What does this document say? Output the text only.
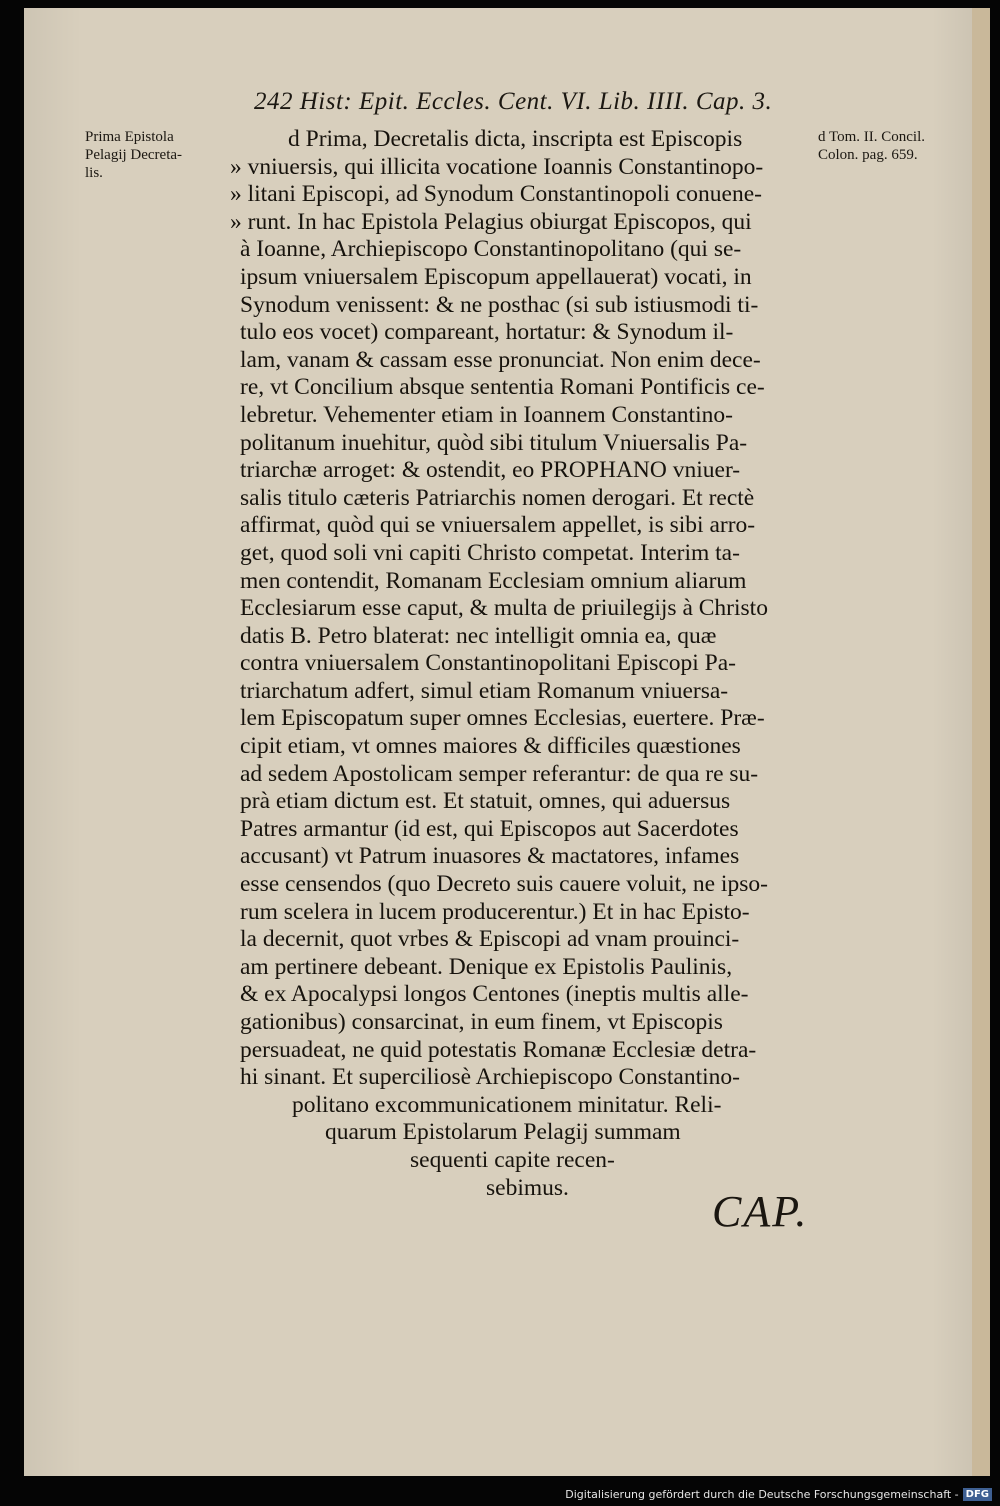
242 Hist: Epit. Eccles. Cent. VI. Lib. IIII. Cap. 3.
Prima Epistola
Pelagij Decreta-
lis.
d Tom. II. Concil.
Colon. pag. 659.
d Prima, Decretalis dicta, inscripta est Episcopis
» vniuersis, qui illicita vocatione Ioannis Constantinopo-
» litani Episcopi, ad Synodum Constantinopoli conuene-
» runt. In hac Epistola Pelagius obiurgat Episcopos, qui
à Ioanne, Archiepiscopo Constantinopolitano (qui se-
ipsum vniuersalem Episcopum appellauerat) vocati, in
Synodum venissent: & ne posthac (si sub istiusmodi ti-
tulo eos vocet) compareant, hortatur: & Synodum il-
lam, vanam & cassam esse pronunciat. Non enim dece-
re, vt Concilium absque sententia Romani Pontificis ce-
lebretur. Vehementer etiam in Ioannem Constantino-
politanum inuehitur, quòd sibi titulum Vniuersalis Pa-
triarchæ arroget: & ostendit, eo PROPHANO vniuer-
salis titulo cæteris Patriarchis nomen derogari. Et rectè
affirmat, quòd qui se vniuersalem appellet, is sibi arro-
get, quod soli vni capiti Christo competat. Interim ta-
men contendit, Romanam Ecclesiam omnium aliarum
Ecclesiarum esse caput, & multa de priuilegijs à Christo
datis B. Petro blaterat: nec intelligit omnia ea, quæ
contra vniuersalem Constantinopolitani Episcopi Pa-
triarchatum adfert, simul etiam Romanum vniuersa-
lem Episcopatum super omnes Ecclesias, euertere. Præ-
cipit etiam, vt omnes maiores & difficiles quæstiones
ad sedem Apostolicam semper referantur: de qua re su-
prà etiam dictum est. Et statuit, omnes, qui aduersus
Patres armantur (id est, qui Episcopos aut Sacerdotes
accusant) vt Patrum inuasores & mactatores, infames
esse censendos (quo Decreto suis cauere voluit, ne ipso-
rum scelera in lucem producerentur.) Et in hac Episto-
la decernit, quot vrbes & Episcopi ad vnam prouinci-
am pertinere debeant. Denique ex Epistolis Paulinis,
& ex Apocalypsi longos Centones (ineptis multis alle-
gationibus) consarcinat, in eum finem, vt Episcopis
persuadeat, ne quid potestatis Romanæ Ecclesiæ detra-
hi sinant. Et superciliosè Archiepiscopo Constantino-
politano excommunicationem minitatur. Reli-
quarum Epistolarum Pelagij summam
sequenti capite recen-
sebimus.	CAP.
Digitalisierung gefördert durch die Deutsche Forschungsgemeinschaft - DFG
